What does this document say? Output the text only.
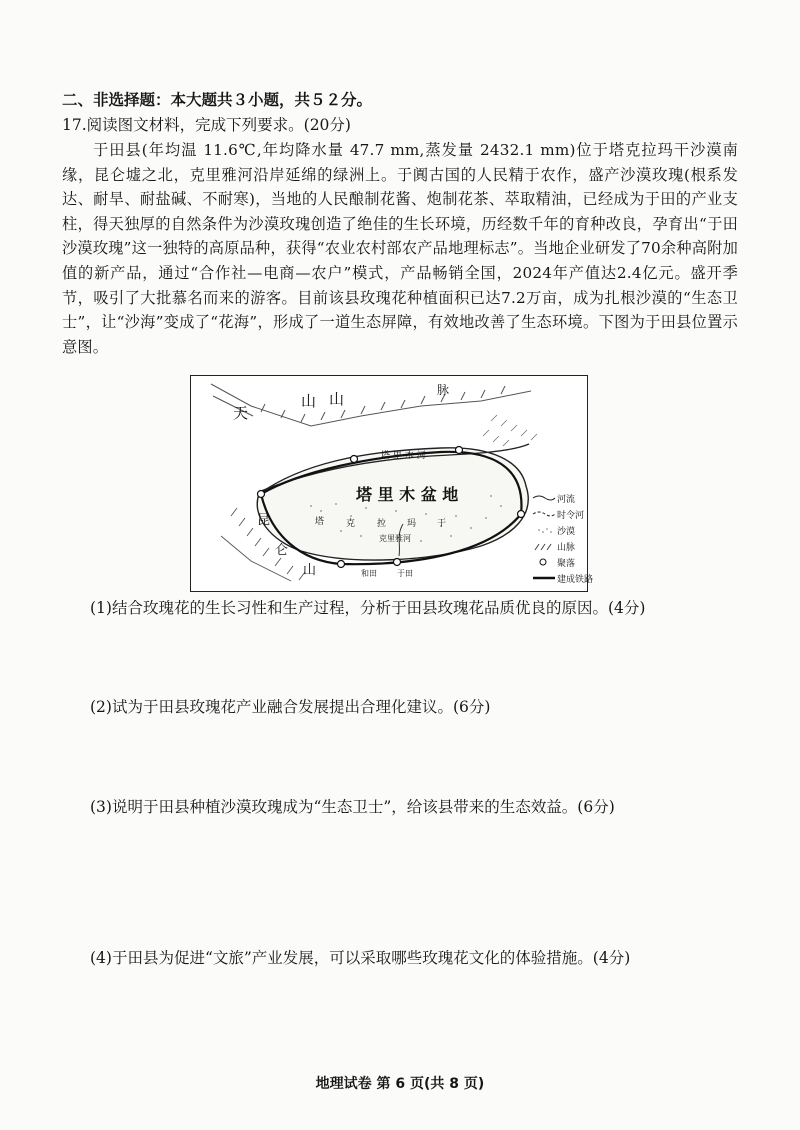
二、非选择题：本大题共３小题，共５２分。
17.阅读图文材料，完成下列要求。(20分)
于田县(年均温 11.6℃,年均降水量 47.7 mm,蒸发量 2432.1 mm)位于塔克拉玛干沙漠南缘，昆仑墟之北，克里雅河沿岸延绵的绿洲上。于阗古国的人民精于农作，盛产沙漠玫瑰(根系发达、耐旱、耐盐碱、不耐寒)，当地的人民酿制花酱、炮制花茶、萃取精油，已经成为于田的产业支柱，得天独厚的自然条件为沙漠玫瑰创造了绝佳的生长环境，历经数千年的育种改良，孕育出“于田沙漠玫瑰”这一独特的高原品种，获得“农业农村部农产品地理标志”。当地企业研发了70余种高附加值的新产品，通过“合作社—电商—农户”模式，产品畅销全国，2024年产值达2.4亿元。盛开季节，吸引了大批慕名而来的游客。目前该县玫瑰花种植面积已达7.2万亩，成为扎根沙漠的“生态卫士”，让“沙海”变成了“花海”，形成了一道生态屏障，有效地改善了生态环境。下图为于田县位置示意图。
天
山 山	脉
塔 里 木 河
塔 里 木 盆 地
塔 克 拉 玛 干
昆
仑
山
克里雅河
和田	于田
河流
时令河
沙漠
山脉
聚落
建成铁路
(1)结合玫瑰花的生长习性和生产过程，分析于田县玫瑰花品质优良的原因。(4分)
(2)试为于田县玫瑰花产业融合发展提出合理化建议。(6分)
(3)说明于田县种植沙漠玫瑰成为“生态卫士”，给该县带来的生态效益。(6分)
(4)于田县为促进“文旅”产业发展，可以采取哪些玫瑰花文化的体验措施。(4分)
地理试卷 第 6 页(共 8 页)
